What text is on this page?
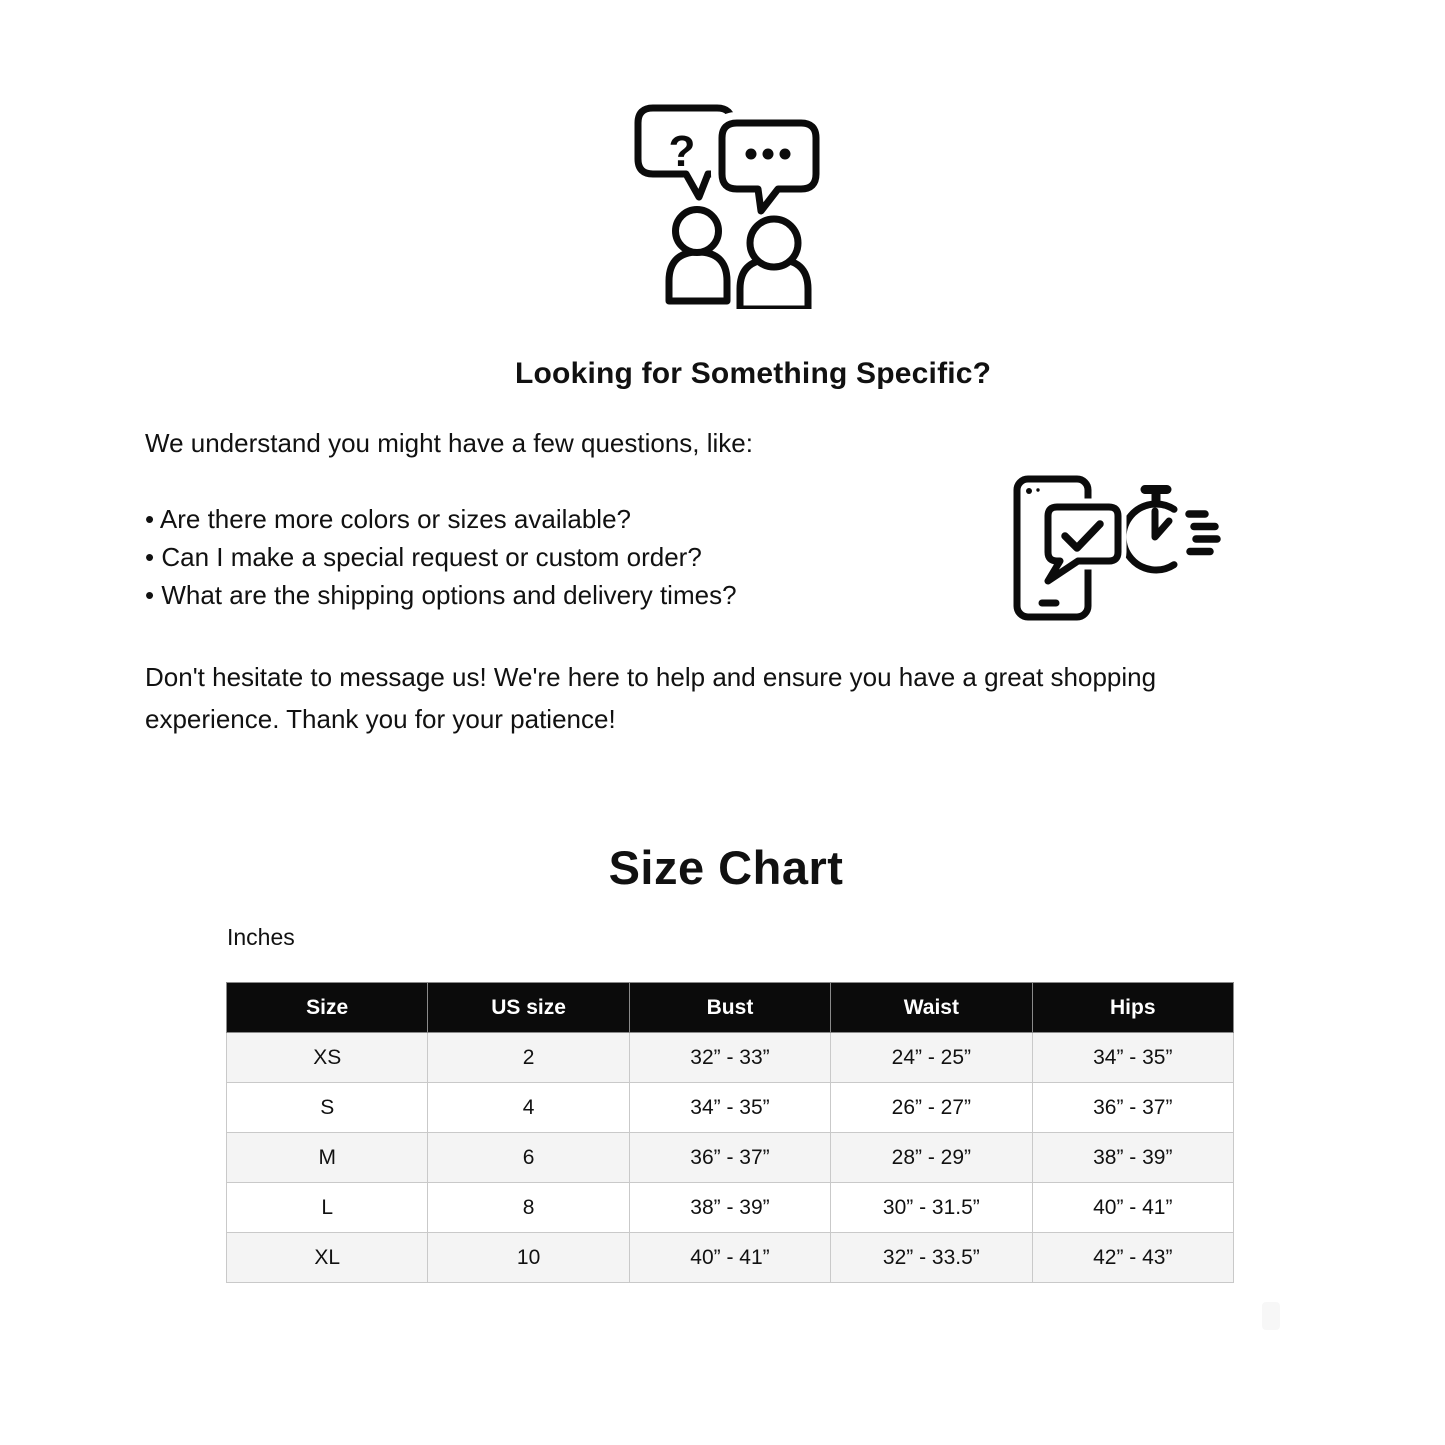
?
Looking for Something Specific?
We understand you might have a few questions, like:
• Are there more colors or sizes available?
• Can I make a special request or custom order?
• What are the shipping options and delivery times?
Don't hesitate to message us! We're here to help and ensure you have a great shopping
experience. Thank you for your patience!
Size Chart
Inches
Size	US size	Bust	Waist	Hips
XS	2	32” - 33”	24” - 25”	34” - 35”
S	4	34” - 35”	26” - 27”	36” - 37”
M	6	36” - 37”	28” - 29”	38” - 39”
L	8	38” - 39”	30” - 31.5”	40” - 41”
XL	10	40” - 41”	32” - 33.5”	42” - 43”
